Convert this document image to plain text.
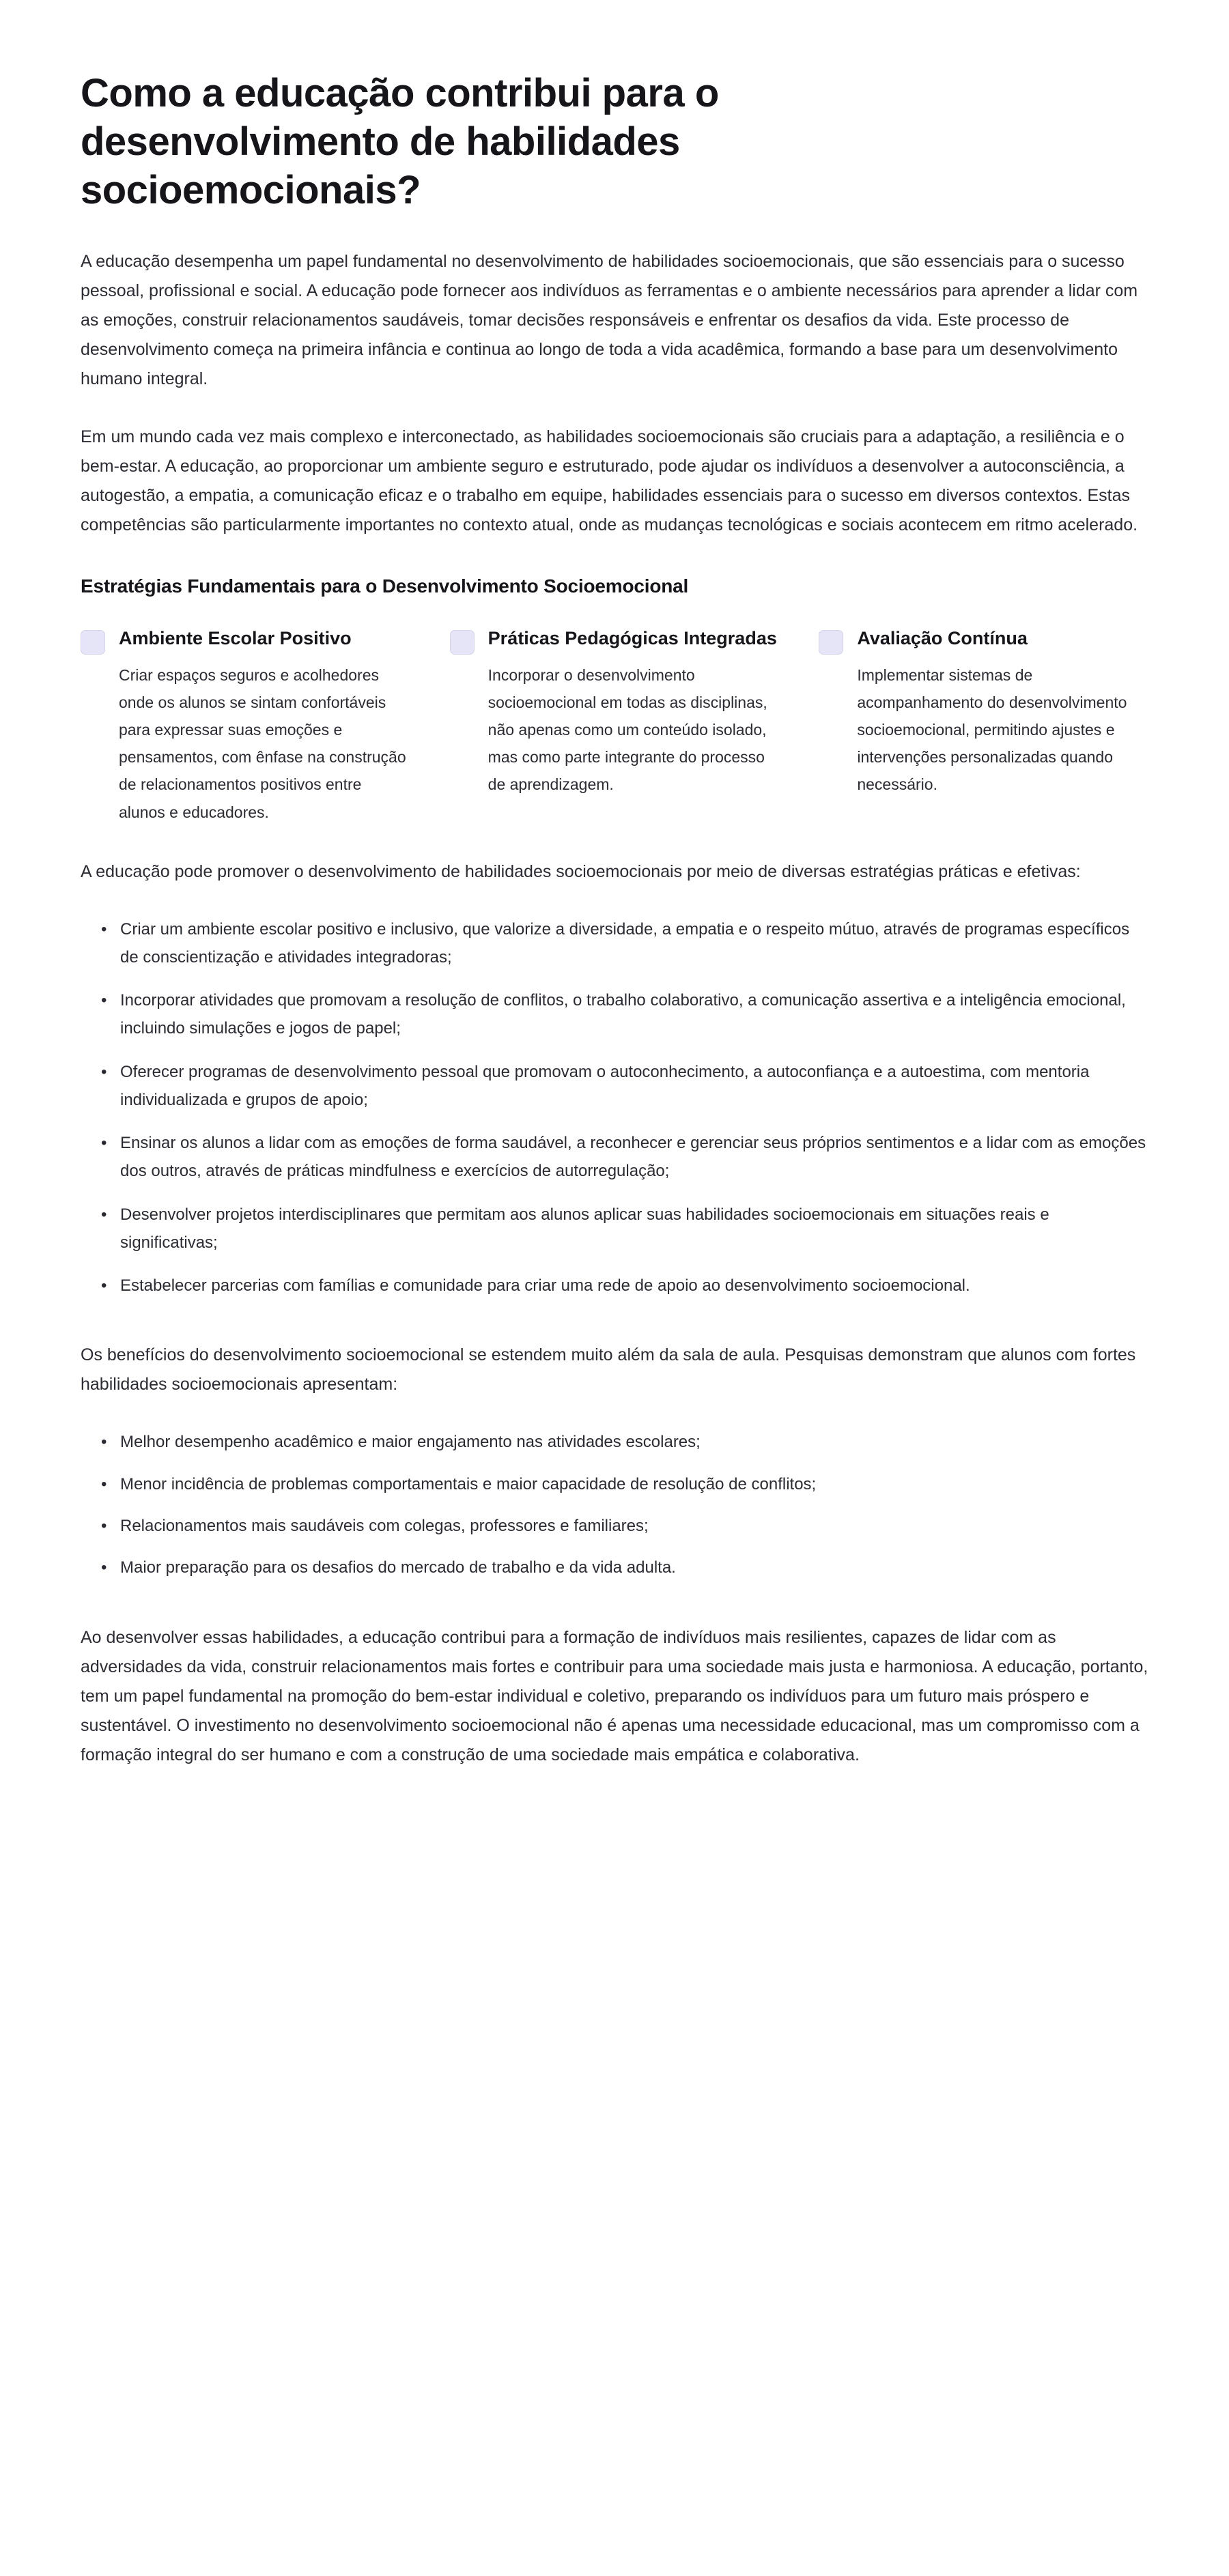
Como a educação contribui para o desenvolvimento de habilidades socioemocionais?

A educação desempenha um papel fundamental no desenvolvimento de habilidades socioemocionais, que são essenciais para o sucesso pessoal, profissional e social. A educação pode fornecer aos indivíduos as ferramentas e o ambiente necessários para aprender a lidar com as emoções, construir relacionamentos saudáveis, tomar decisões responsáveis e enfrentar os desafios da vida. Este processo de desenvolvimento começa na primeira infância e continua ao longo de toda a vida acadêmica, formando a base para um desenvolvimento humano integral.

Em um mundo cada vez mais complexo e interconectado, as habilidades socioemocionais são cruciais para a adaptação, a resiliência e o bem-estar. A educação, ao proporcionar um ambiente seguro e estruturado, pode ajudar os indivíduos a desenvolver a autoconsciência, a autogestão, a empatia, a comunicação eficaz e o trabalho em equipe, habilidades essenciais para o sucesso em diversos contextos. Estas competências são particularmente importantes no contexto atual, onde as mudanças tecnológicas e sociais acontecem em ritmo acelerado.

Estratégias Fundamentais para o Desenvolvimento Socioemocional
Ambiente Escolar Positivo

Criar espaços seguros e acolhedores onde os alunos se sintam confortáveis para expressar suas emoções e pensamentos, com ênfase na construção de relacionamentos positivos entre alunos e educadores.

Práticas Pedagógicas Integradas

Incorporar o desenvolvimento socioemocional em todas as disciplinas, não apenas como um conteúdo isolado, mas como parte integrante do processo de aprendizagem.

Avaliação Contínua

Implementar sistemas de acompanhamento do desenvolvimento socioemocional, permitindo ajustes e intervenções personalizadas quando necessário.

A educação pode promover o desenvolvimento de habilidades socioemocionais por meio de diversas estratégias práticas e efetivas:

• Criar um ambiente escolar positivo e inclusivo, que valorize a diversidade, a empatia e o respeito mútuo, através de programas específicos de conscientização e atividades integradoras;
• Incorporar atividades que promovam a resolução de conflitos, o trabalho colaborativo, a comunicação assertiva e a inteligência emocional, incluindo simulações e jogos de papel;
• Oferecer programas de desenvolvimento pessoal que promovam o autoconhecimento, a autoconfiança e a autoestima, com mentoria individualizada e grupos de apoio;
• Ensinar os alunos a lidar com as emoções de forma saudável, a reconhecer e gerenciar seus próprios sentimentos e a lidar com as emoções dos outros, através de práticas mindfulness e exercícios de autorregulação;
• Desenvolver projetos interdisciplinares que permitam aos alunos aplicar suas habilidades socioemocionais em situações reais e significativas;
• Estabelecer parcerias com famílias e comunidade para criar uma rede de apoio ao desenvolvimento socioemocional.

Os benefícios do desenvolvimento socioemocional se estendem muito além da sala de aula. Pesquisas demonstram que alunos com fortes habilidades socioemocionais apresentam:

• Melhor desempenho acadêmico e maior engajamento nas atividades escolares;
• Menor incidência de problemas comportamentais e maior capacidade de resolução de conflitos;
• Relacionamentos mais saudáveis com colegas, professores e familiares;
• Maior preparação para os desafios do mercado de trabalho e da vida adulta.

Ao desenvolver essas habilidades, a educação contribui para a formação de indivíduos mais resilientes, capazes de lidar com as adversidades da vida, construir relacionamentos mais fortes e contribuir para uma sociedade mais justa e harmoniosa. A educação, portanto, tem um papel fundamental na promoção do bem-estar individual e coletivo, preparando os indivíduos para um futuro mais próspero e sustentável. O investimento no desenvolvimento socioemocional não é apenas uma necessidade educacional, mas um compromisso com a formação integral do ser humano e com a construção de uma sociedade mais empática e colaborativa.
